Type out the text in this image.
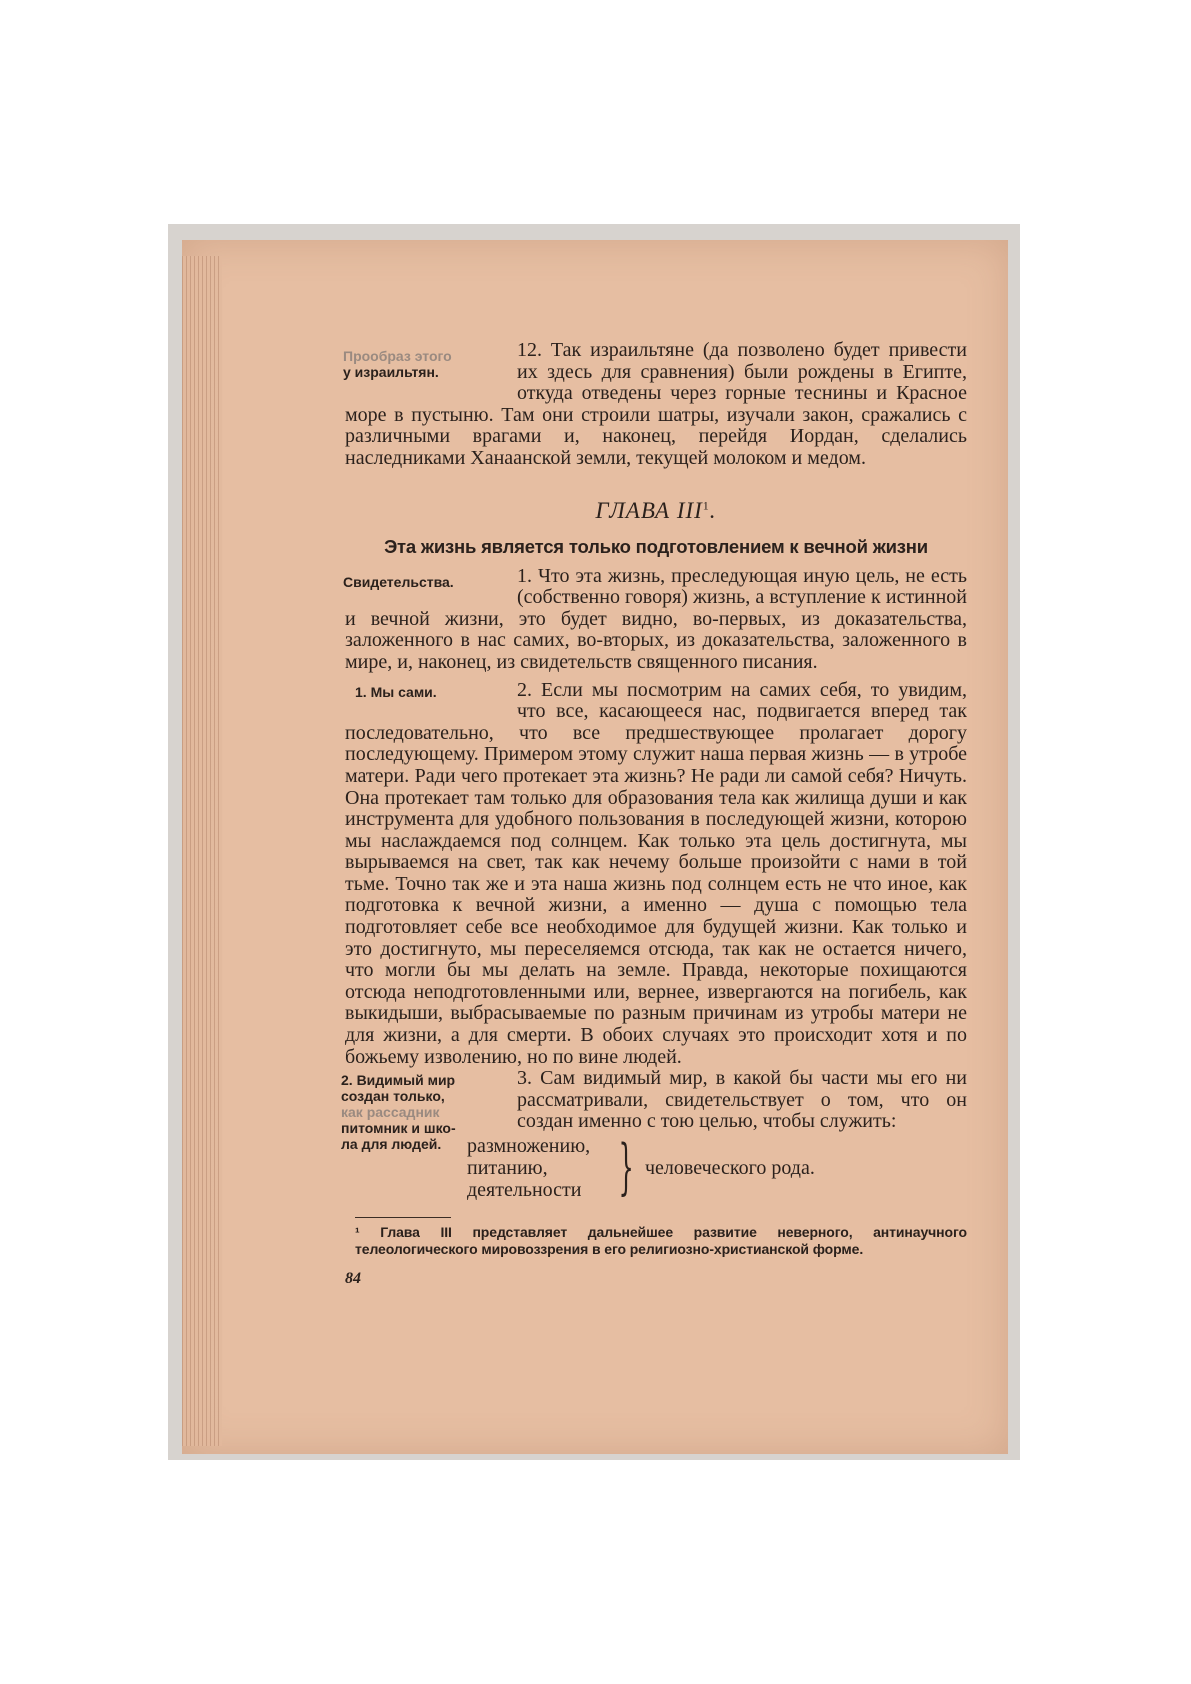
Прообраз этого
у израильтян.

12. Так израильтяне (да позволено будет привести их здесь для сравнения) были рождены в Египте, откуда отведены через горные теснины и Красное море в пустыню. Там они строили шатры, изучали закон, сражались с различными врагами и, наконец, перейдя Иордан, сделались наследниками Ханаанской земли, текущей молоком и медом.

ГЛАВА III$^1$.
Эта жизнь является только подготовлением к вечной жизни
Свидетельства.	1. Что эта жизнь, преследующая иную цель, не есть (собственно говоря) жизнь, а вступление к истинной и вечной жизни, это будет видно, во-первых, из доказательства, заложенного в нас самих, во-вторых, из доказательства, заложенного в мире, и, наконец, из свидетельств священного писания.

1. Мы сами.	2. Если мы посмотрим на самих себя, то увидим, что все, касающееся нас, подвигается вперед так последовательно, что все предшествующее пролагает дорогу последующему. Примером этому служит наша первая жизнь — в утробе матери. Ради чего протекает эта жизнь? Не ради ли самой себя? Ничуть. Она протекает там только для образования тела как жилища души и как инструмента для удобного пользования в последующей жизни, которою мы наслаждаемся под солнцем. Как только эта цель достигнута, мы вырываемся на свет, так как нечему больше произойти с нами в той тьме. Точно так же и эта наша жизнь под солнцем есть не что иное, как подготовка к вечной жизни, а именно — душа с помощью тела подготовляет себе все необходимое для будущей жизни. Как только и это достигнуто, мы переселяемся отсюда, так как не остается ничего, что могли бы мы делать на земле. Правда, некоторые похищаются отсюда неподготовленными или, вернее, извергаются на погибель, как выкидыши, выбрасываемые по разным причинам из утробы матери не для жизни, а для смерти. В обоих случаях это происходит хотя и по божьему изволению, но по вине людей.

2. Видимый мир
создан только,
как рассадник
питомник и шко-
ла для людей.

3. Сам видимый мир, в какой бы части мы его ни рассматривали, свидетельствует о том, что он создан именно с тою целью, чтобы служить:

размножению,
питанию,
деятельности } человеческого рода.

¹ Глава III представляет дальнейшее развитие неверного, антинаучного телеологического мировоззрения в его религиозно-христианской форме.

84
